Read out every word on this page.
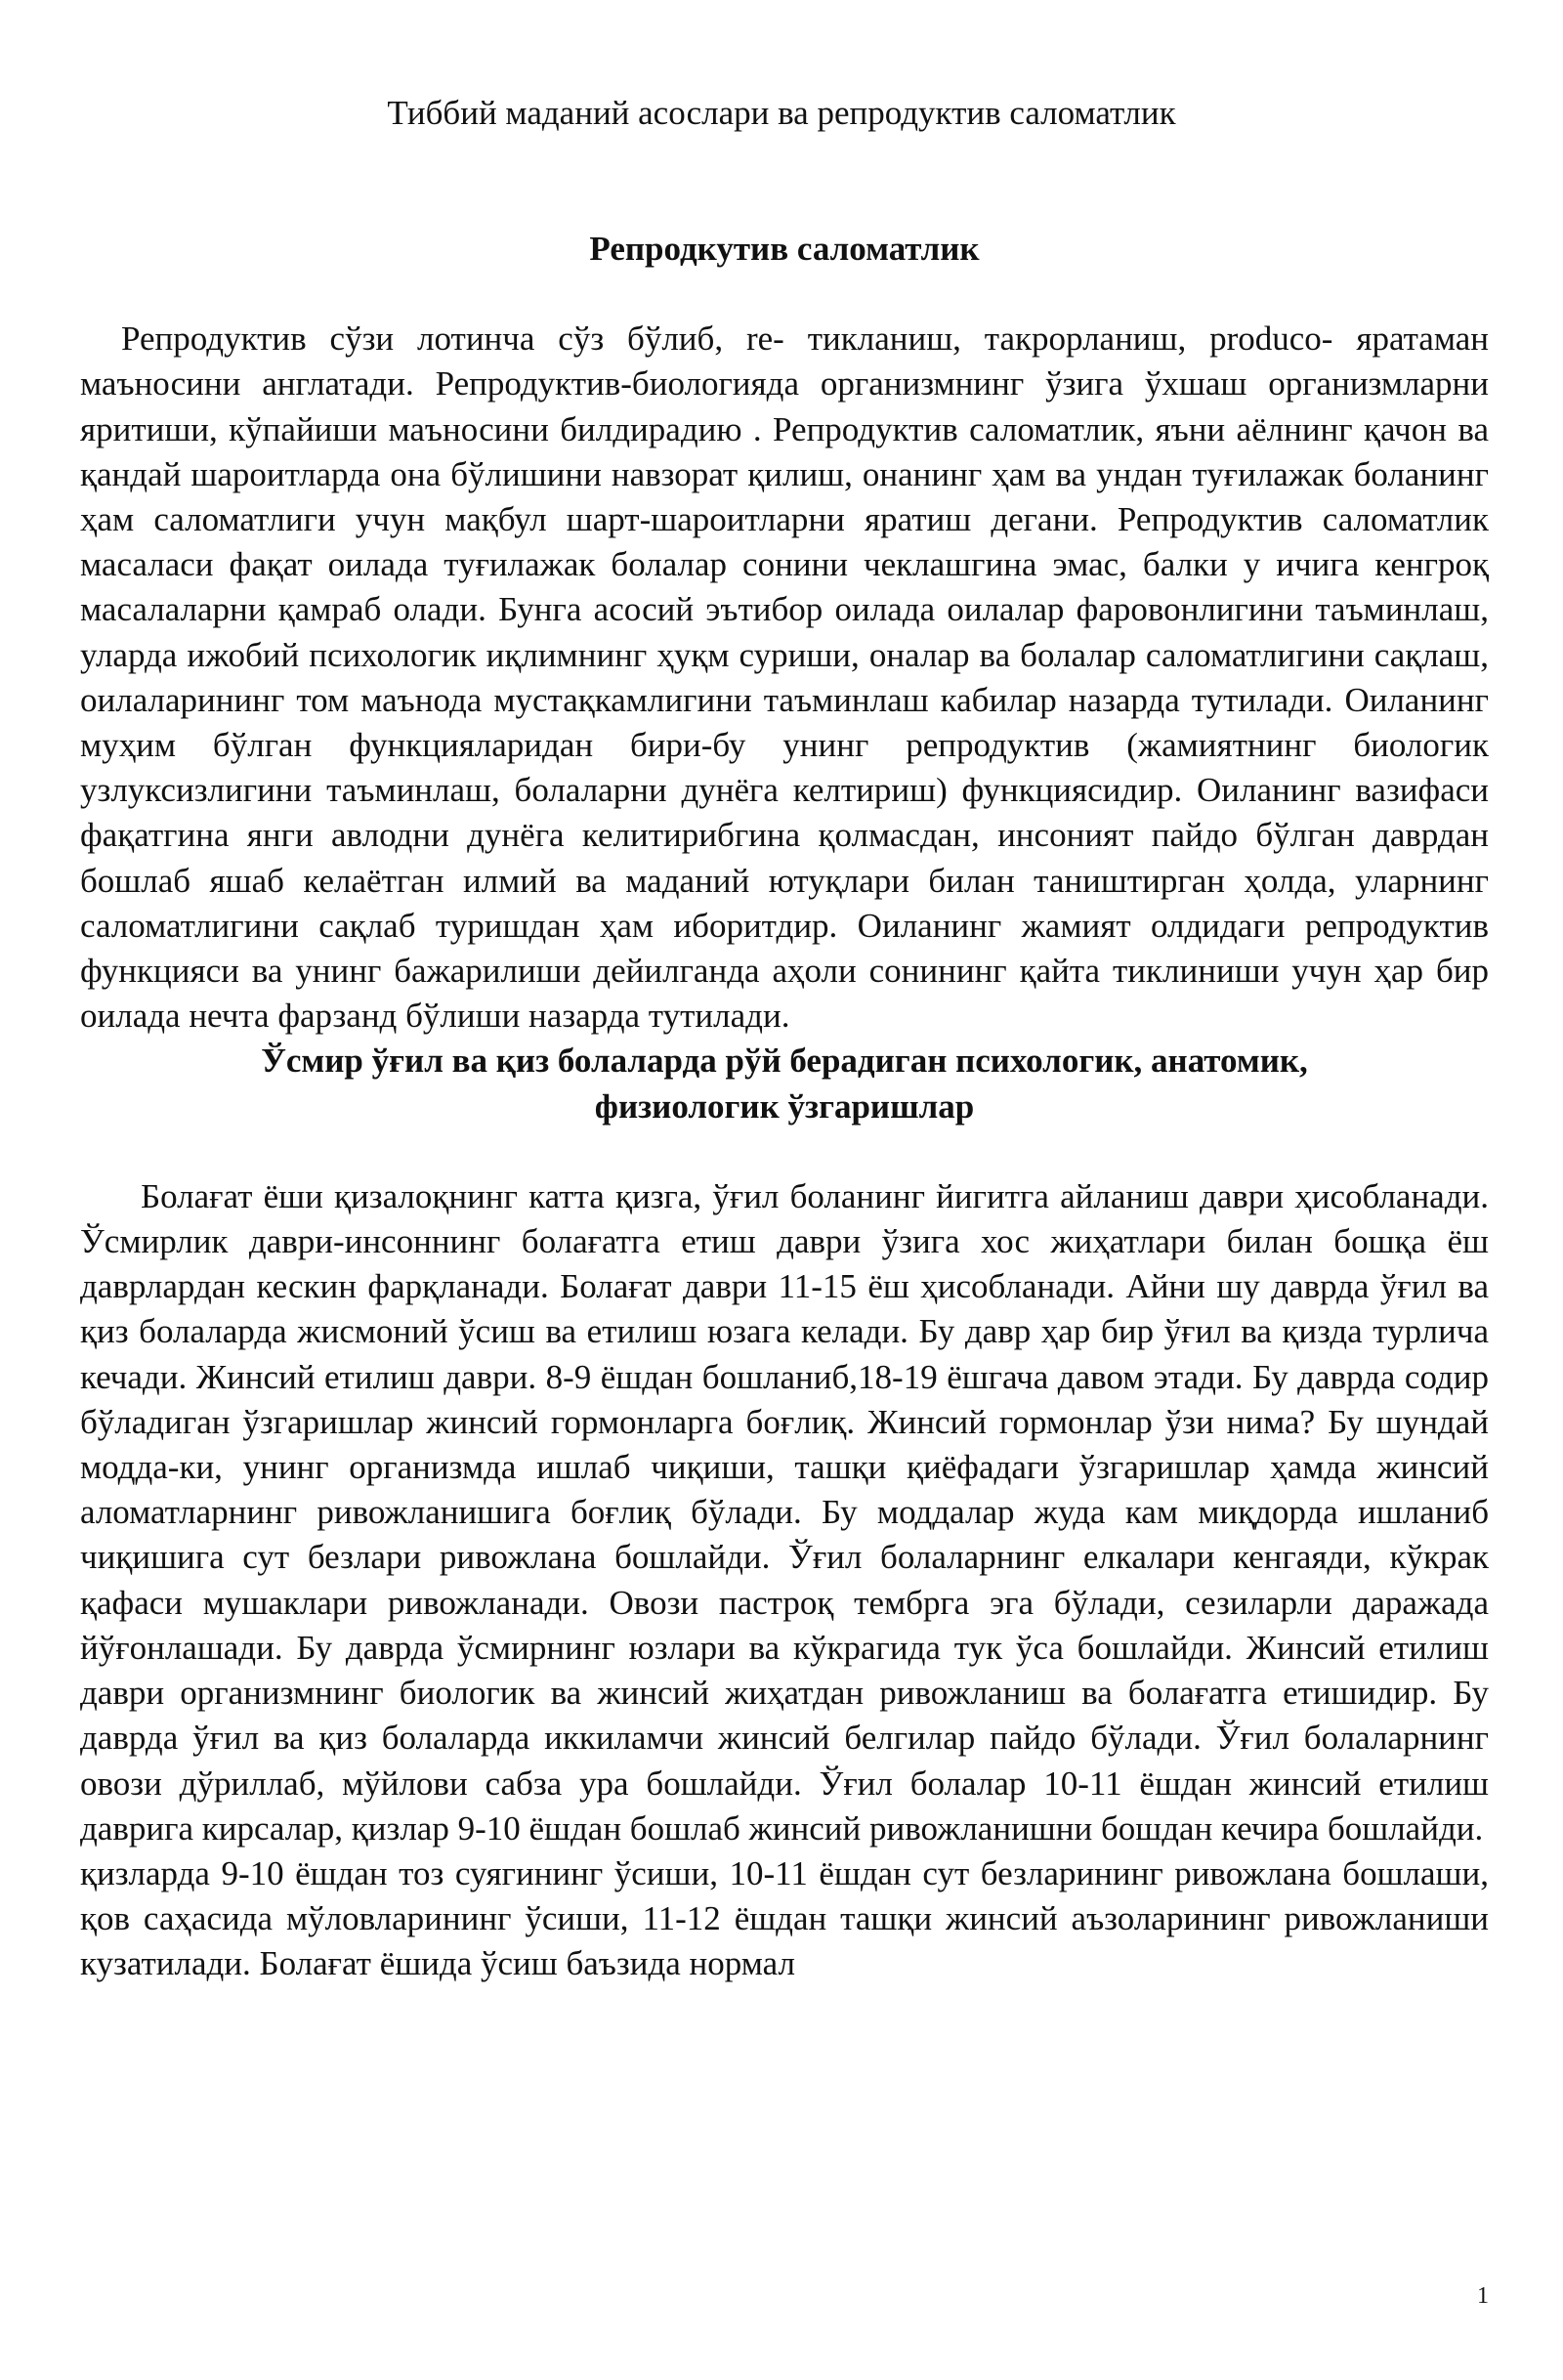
Тиббий маданий асослари ва репродуктив саломатлик
Репродкутив саломатлик

Репродуктив сўзи лотинча сўз бўлиб, re- тикланиш, такрорланиш, producо- яратаман маъносини англатади. Репродуктив-биологияда организмнинг ўзига ўхшаш организмларни яритиши, кўпайиши маъносини билдирадию . Репродуктив саломатлик, яъни аёлнинг қачон ва қандай шароитларда она бўлишини навзорат қилиш, онанинг ҳам ва ундан туғилажак боланинг ҳам саломатлиги учун мақбул шарт-шароитларни яратиш дегани. Репродуктив саломатлик масаласи фақат оилада туғилажак болалар сонини чеклашгина эмас, балки у ичига кенгроқ масалаларни қамраб олади. Бунга асосий эътибор оилада оилалар фаровонлигини таъминлаш, уларда ижобий психологик иқлимнинг ҳуқм суриши, оналар ва болалар саломатлигини сақлаш, оилаларининг том маънода мустақкамлигини таъминлаш кабилар назарда тутилади. Оиланинг муҳим бўлган функцияларидан бири-бу унинг репродуктив (жамиятнинг биологик узлуксизлигини таъминлаш, болаларни дунёга келтириш) функциясидир. Оиланинг вазифаси фақатгина янги авлодни дунёга келитирибгина қолмасдан, инсоният пайдо бўлган даврдан бошлаб яшаб келаётган илмий ва маданий ютуқлари билан таништирган ҳолда, уларнинг саломатлигини сақлаб туришдан ҳам иборитдир. Оиланинг жамият олдидаги репродуктив функцияси ва унинг бажарилиши дейилганда аҳоли сонининг қайта тиклиниши учун ҳар бир оилада нечта фарзанд бўлиши назарда тутилади.

Ўсмир ўғил ва қиз болаларда рўй берадиган психологик, анатомик,
физиологик ўзгаришлар

Болағат ёши қизалоқнинг катта қизга, ўғил боланинг йигитга айланиш даври ҳисобланади. Ўсмирлик даври-инсоннинг болағатга етиш даври ўзига хос жиҳатлари билан бошқа ёш даврлардан кескин фарқланади. Болағат даври 11-15 ёш ҳисобланади. Айни шу даврда ўғил ва қиз болаларда жисмоний ўсиш ва етилиш юзага келади. Бу давр ҳар бир ўғил ва қизда турлича кечади. Жинсий етилиш даври. 8-9 ёшдан бошланиб,18-19 ёшгача давом этади. Бу даврда содир бўладиган ўзгаришлар жинсий гормонларга боғлиқ. Жинсий гормонлар ўзи нима? Бу шундай модда-ки, унинг организмда ишлаб чиқиши, ташқи қиёфадаги ўзгаришлар ҳамда жинсий аломатларнинг ривожланишига боғлиқ бўлади. Бу моддалар жуда кам миқдорда ишланиб чиқишига сут безлари ривожлана бошлайди. Ўғил болаларнинг елкалари кенгаяди, кўкрак қафаси мушаклари ривожланади. Овози пастроқ тембрга эга бўлади, сезиларли даражада йўғонлашади. Бу даврда ўсмирнинг юзлари ва кўкрагида тук ўса бошлайди. Жинсий етилиш даври организмнинг биологик ва жинсий жиҳатдан ривожланиш ва болағатга етишидир. Бу даврда ўғил ва қиз болаларда иккиламчи жинсий белгилар пайдо бўлади. Ўғил болаларнинг овози дўриллаб, мўйлови сабза ура бошлайди. Ўғил болалар 10-11 ёшдан жинсий етилиш даврига кирсалар, қизлар 9-10 ёшдан бошлаб жинсий ривожланишни бошдан кечира бошлайди.

қизларда 9-10 ёшдан тоз суягининг ўсиши, 10-11 ёшдан сут безларининг ривожлана бошлаши, қов саҳасида мўловларининг ўсиши, 11-12 ёшдан ташқи жинсий аъзоларининг ривожланиши кузатилади. Болағат ёшида ўсиш баъзида нормал

1
